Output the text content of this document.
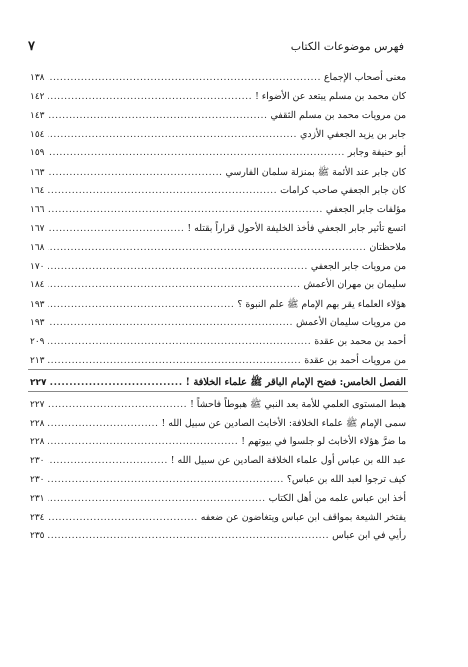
فهرس موضوعات الكتاب
٧
معنى أصحاب الإجماع
.....
١٣٨
كان محمد بن مسلم يبتعد عن الأضواء !
.....
١٤٢
من مرويات محمد بن مسلم الثقفي
.....
١٤٣
جابر بن يزيد الجعفي الأزدي
.....
١٥٤
أبو حنيفة وجابر
.....
١٥٩
كان جابر عند الأئمة ﷺ بمنزلة سلمان الفارسي
.....
١٦٣
كان جابر الجعفي صاحب كرامات
.....
١٦٤
مؤلفات جابر الجعفي
.....
١٦٦
اتسع تأثير جابر الجعفي فأخذ الخليفة الأحول قراراً بقتله !
.....
١٦٧
ملاحظتان
.....
١٦٨
من مرويات جابر الجعفي
.....
١٧٠
سليمان بن مهران الأعمش
.....
١٨٤
هؤلاء العلماء يقر بهم الإمام ﷺ علم النبوة ؟
.....
١٩٣
من مرويات سليمان الأعمش
.....
١٩٣
أحمد بن محمد بن عقدة
.....
٢٠٩
من مرويات أحمد بن عقدة
.....
٢١٣
الفصل الخامس: فضح الإمام الباقر ﷺ علماء الخلافة !
.....
٢٢٧
هبط المستوى العلمي للأمة بعد النبي ﷺ هبوطاً فاحشاً !
.....
٢٢٧
سمى الإمام ﷺ علماء الخلافة: الأخابث الصادين عن سبيل الله !
.....
٢٢٨
ما ضرَّ هؤلاء الأخابث لو جلسوا في بيوتهم !
.....
٢٢٨
عبد الله بن عباس أول علماء الخلافة الصادين عن سبيل الله !
.....
٢٣٠
كيف ترجوا لعبد الله بن عباس؟
.....
٢٣٠
أخذ ابن عباس علمه من أهل الكتاب
.....
٢٣١
يفتخر الشيعة بمواقف ابن عباس ويتغاضون عن ضعفه
.....
٢٣٤
رأيي في ابن عباس
.....
٢٣٥
